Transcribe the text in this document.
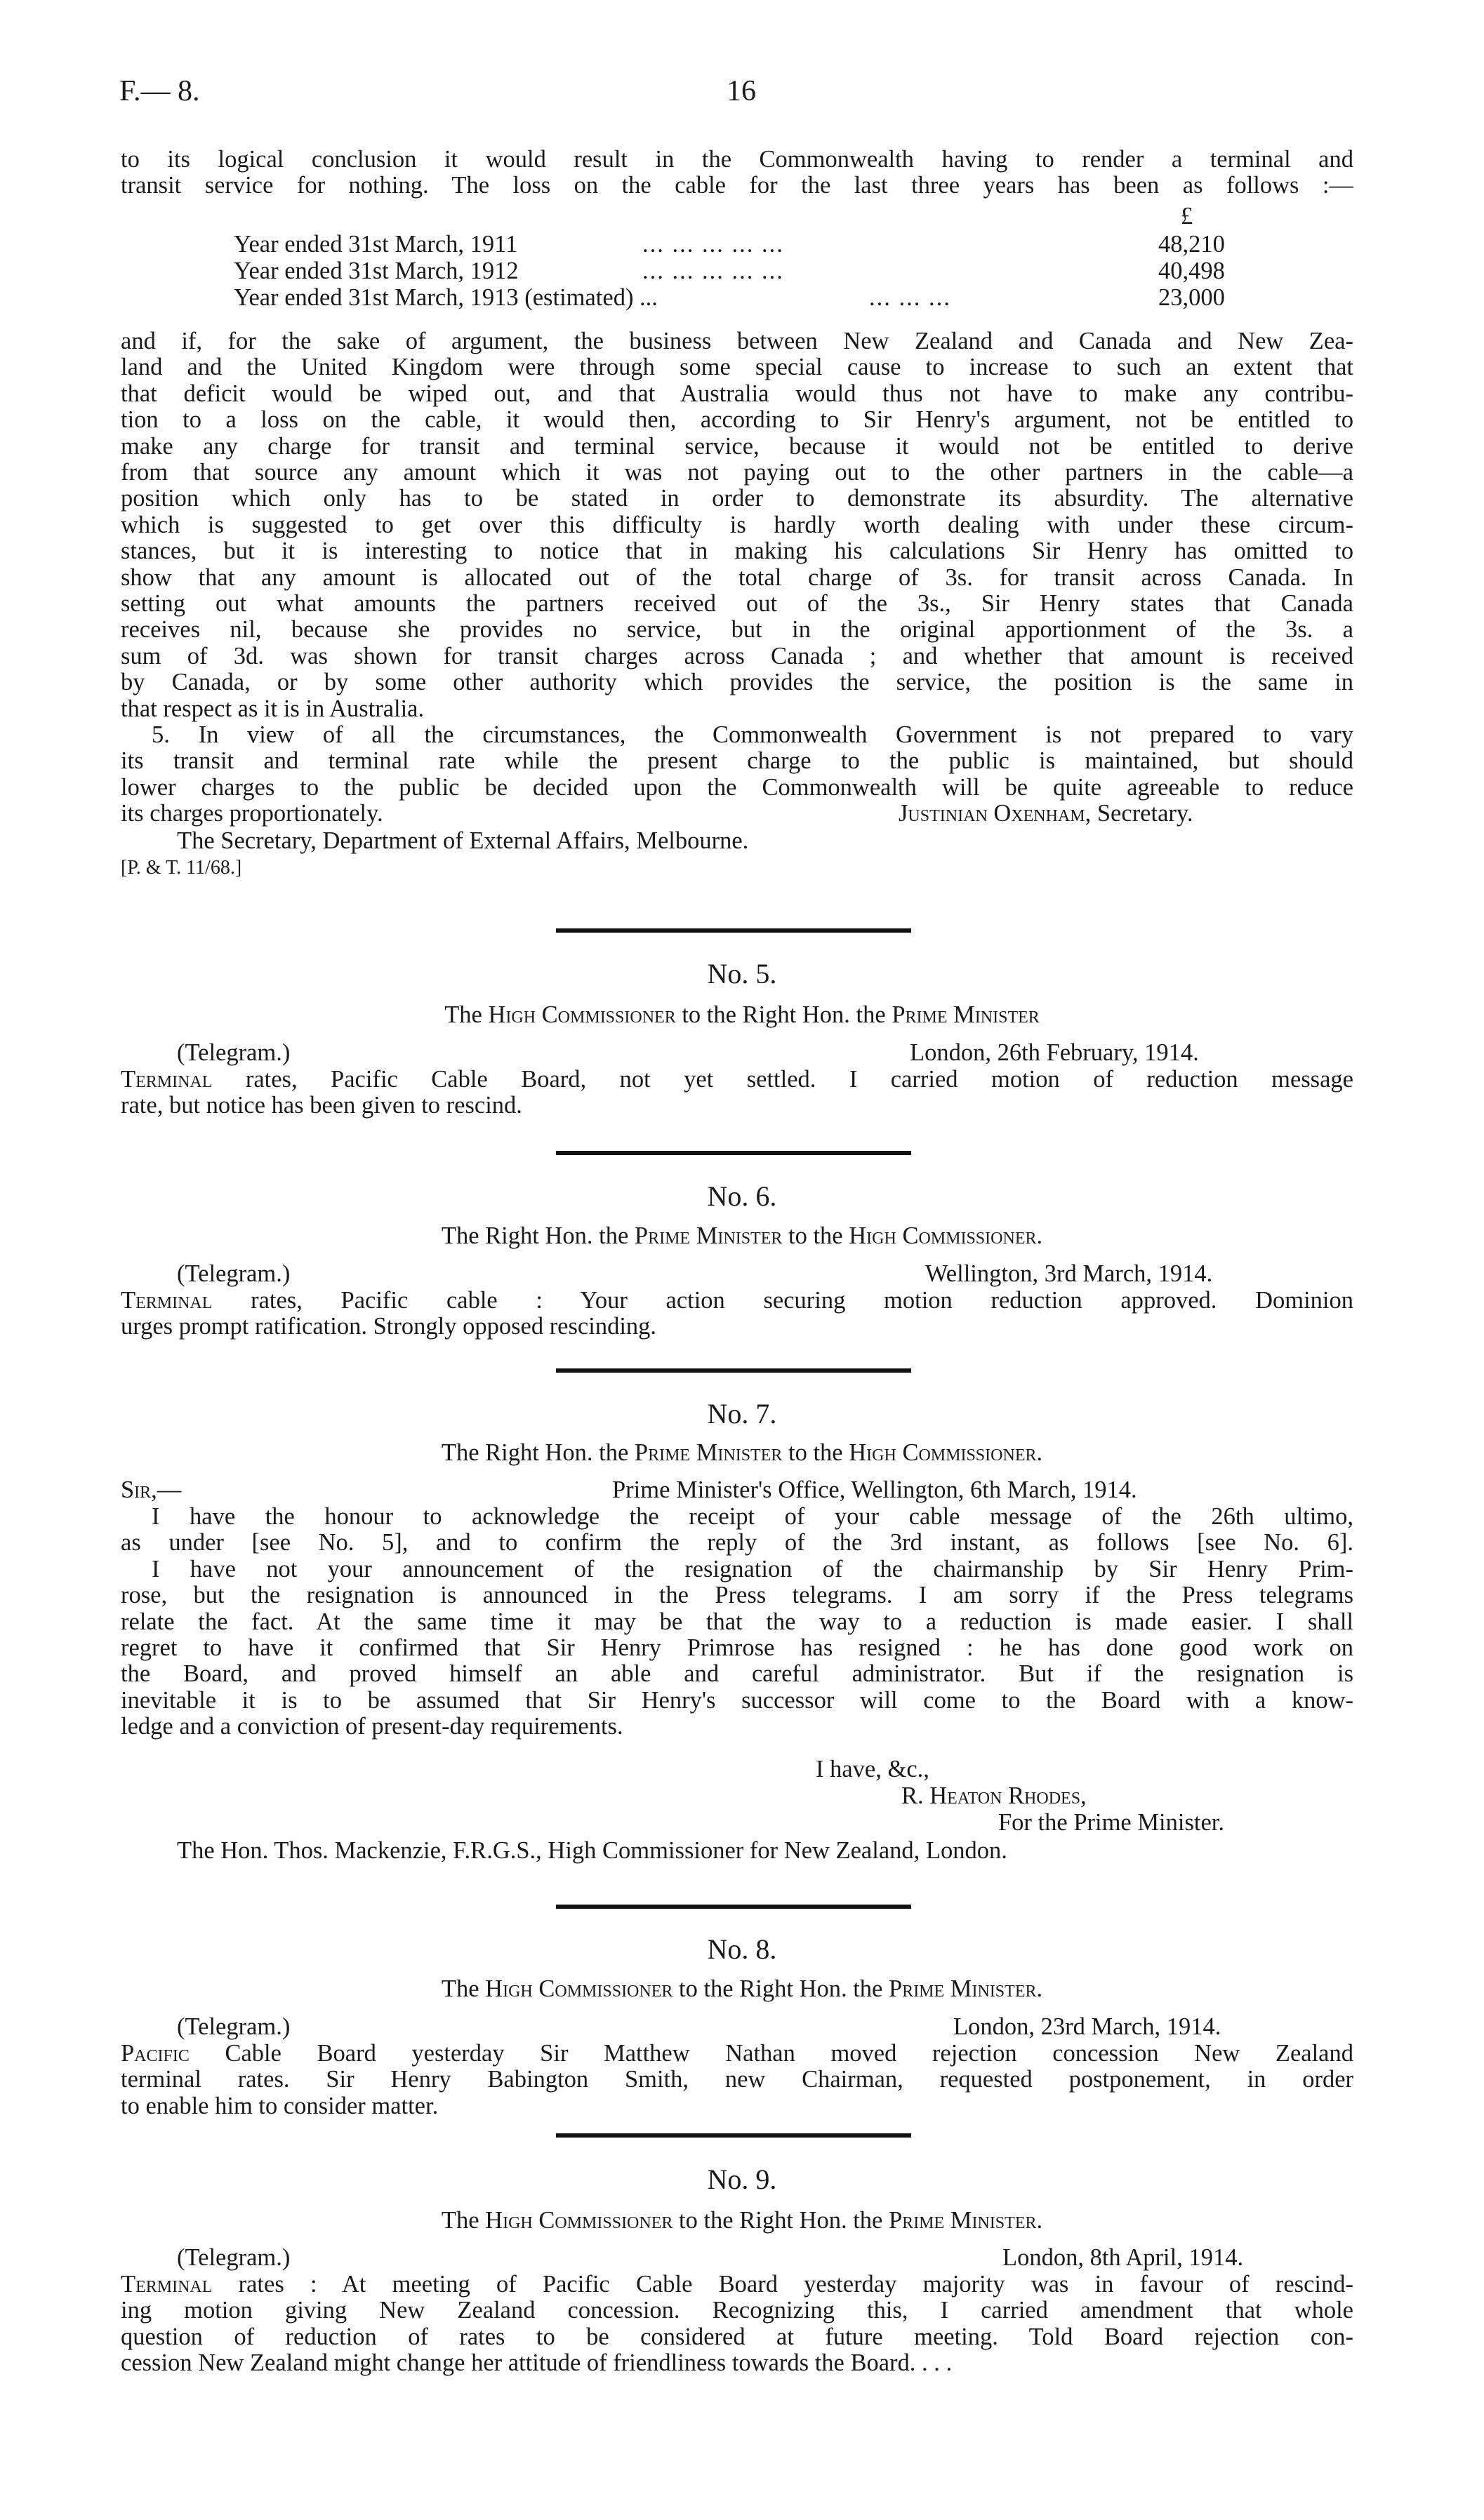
F.— 8.	16
to its logical conclusion it would result in the Commonwealth having to render a terminal and
transit service for nothing. The loss on the cable for the last three years has been as follows :—
£
Year ended 31st March, 1911	... ... ... ... ...	48,210
Year ended 31st March, 1912	... ... ... ... ...	40,498
Year ended 31st March, 1913 (estimated) ...	... ... ...	23,000
and if, for the sake of argument, the business between New Zealand and Canada and New Zea-
land and the United Kingdom were through some special cause to increase to such an extent that
that deficit would be wiped out, and that Australia would thus not have to make any contribu-
tion to a loss on the cable, it would then, according to Sir Henry's argument, not be entitled to
make any charge for transit and terminal service, because it would not be entitled to derive
from that source any amount which it was not paying out to the other partners in the cable—a
position which only has to be stated in order to demonstrate its absurdity. The alternative
which is suggested to get over this difficulty is hardly worth dealing with under these circum-
stances, but it is interesting to notice that in making his calculations Sir Henry has omitted to
show that any amount is allocated out of the total charge of 3s. for transit across Canada. In
setting out what amounts the partners received out of the 3s., Sir Henry states that Canada
receives nil, because she provides no service, but in the original apportionment of the 3s. a
sum of 3d. was shown for transit charges across Canada ; and whether that amount is received
by Canada, or by some other authority which provides the service, the position is the same in
that respect as it is in Australia.
5. In view of all the circumstances, the Commonwealth Government is not prepared to vary
its transit and terminal rate while the present charge to the public is maintained, but should
lower charges to the public be decided upon the Commonwealth will be quite agreeable to reduce
its charges proportionately.	Justinian Oxenham, Secretary.
The Secretary, Department of External Affairs, Melbourne.
[P. & T. 11/68.]
No. 5.
The High Commissioner to the Right Hon. the Prime Minister
(Telegram.)	London, 26th February, 1914.
Terminal rates, Pacific Cable Board, not yet settled. I carried motion of reduction message
rate, but notice has been given to rescind.
No. 6.
The Right Hon. the Prime Minister to the High Commissioner.
(Telegram.)	Wellington, 3rd March, 1914.
Terminal rates, Pacific cable : Your action securing motion reduction approved. Dominion
urges prompt ratification. Strongly opposed rescinding.
No. 7.
The Right Hon. the Prime Minister to the High Commissioner.
Sir,—	Prime Minister's Office, Wellington, 6th March, 1914.
I have the honour to acknowledge the receipt of your cable message of the 26th ultimo,
as under [see No. 5], and to confirm the reply of the 3rd instant, as follows [see No. 6].
I have not your announcement of the resignation of the chairmanship by Sir Henry Prim-
rose, but the resignation is announced in the Press telegrams. I am sorry if the Press telegrams
relate the fact. At the same time it may be that the way to a reduction is made easier. I shall
regret to have it confirmed that Sir Henry Primrose has resigned : he has done good work on
the Board, and proved himself an able and careful administrator. But if the resignation is
inevitable it is to be assumed that Sir Henry's successor will come to the Board with a know-
ledge and a conviction of present-day requirements.
I have, &c.,
R. Heaton Rhodes,
For the Prime Minister.
The Hon. Thos. Mackenzie, F.R.G.S., High Commissioner for New Zealand, London.
No. 8.
The High Commissioner to the Right Hon. the Prime Minister.
(Telegram.)	London, 23rd March, 1914.
Pacific Cable Board yesterday Sir Matthew Nathan moved rejection concession New Zealand
terminal rates. Sir Henry Babington Smith, new Chairman, requested postponement, in order
to enable him to consider matter.
No. 9.
The High Commissioner to the Right Hon. the Prime Minister.
(Telegram.)	London, 8th April, 1914.
Terminal rates : At meeting of Pacific Cable Board yesterday majority was in favour of rescind-
ing motion giving New Zealand concession. Recognizing this, I carried amendment that whole
question of reduction of rates to be considered at future meeting. Told Board rejection con-
cession New Zealand might change her attitude of friendliness towards the Board. . . .
